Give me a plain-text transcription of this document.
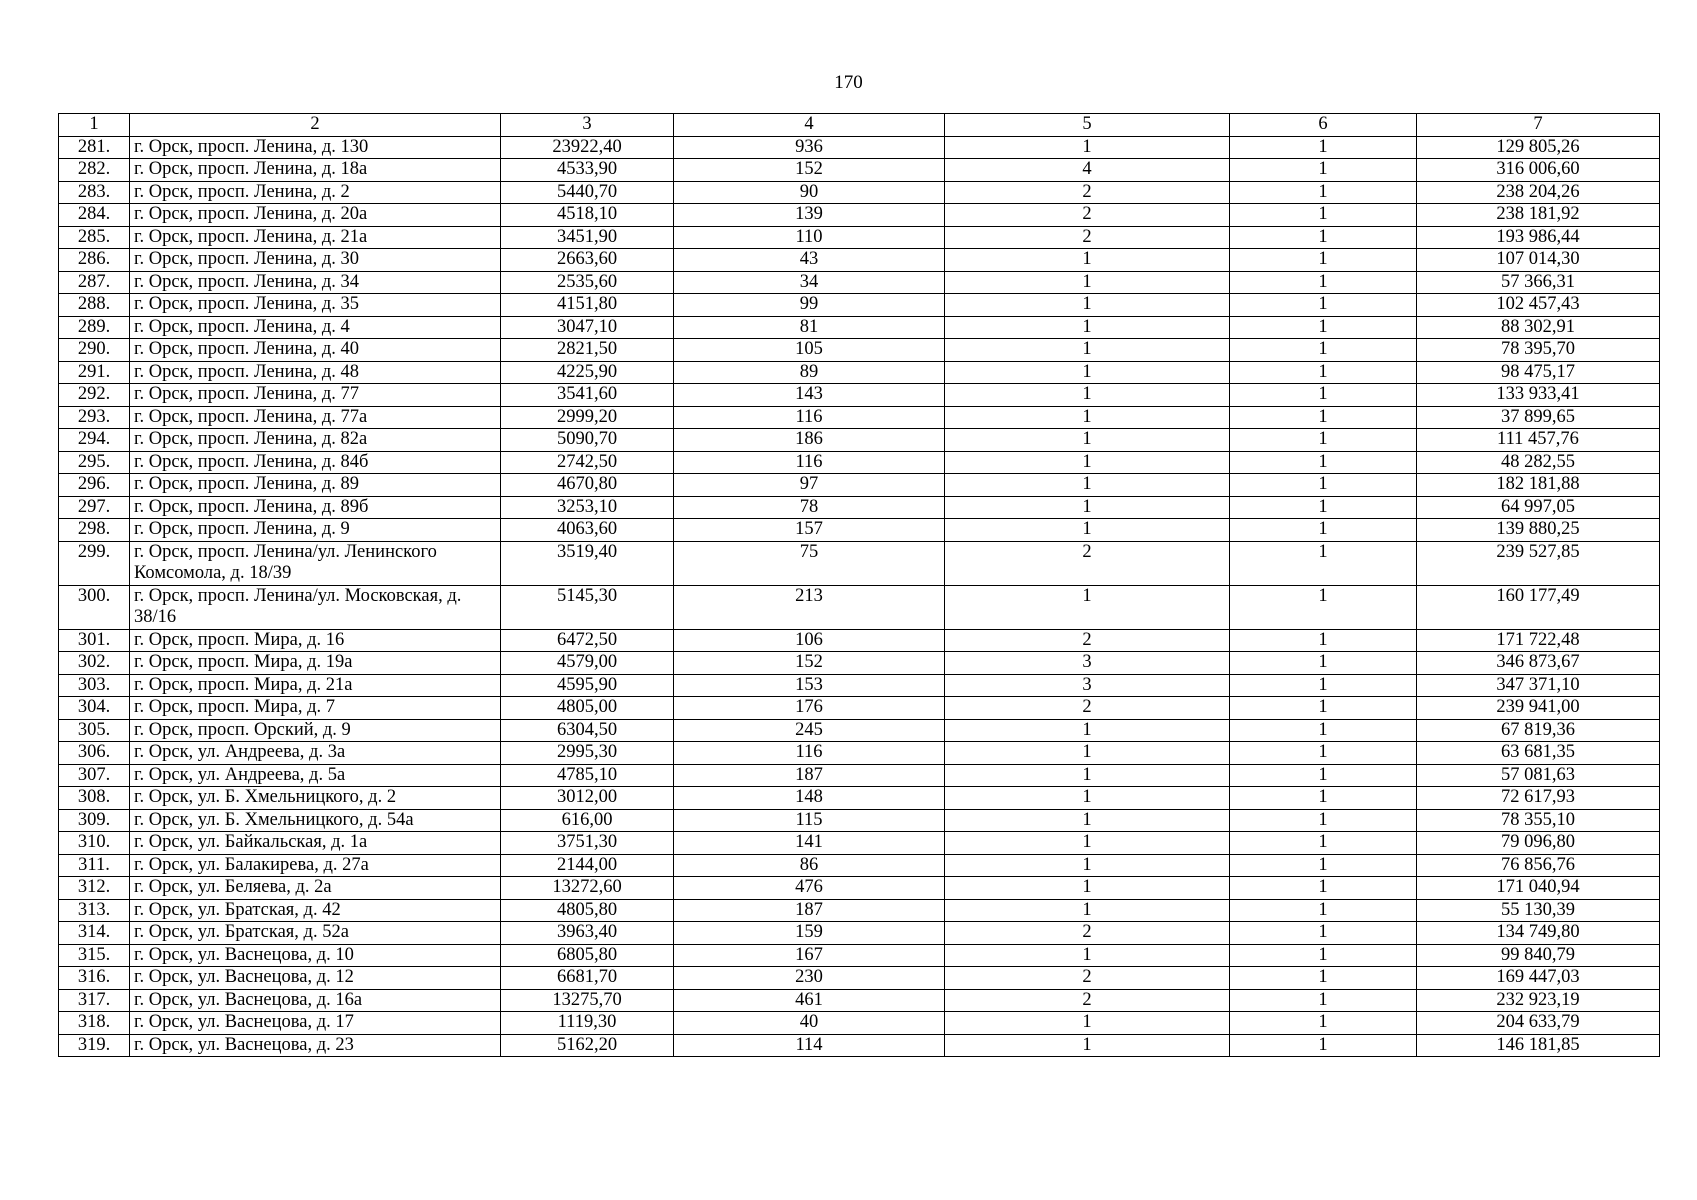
170
1	2	3	4	5	6	7
281.	г. Орск, просп. Ленина, д. 130	23922,40	936	1	1	129 805,26
282.	г. Орск, просп. Ленина, д. 18а	4533,90	152	4	1	316 006,60
283.	г. Орск, просп. Ленина, д. 2	5440,70	90	2	1	238 204,26
284.	г. Орск, просп. Ленина, д. 20а	4518,10	139	2	1	238 181,92
285.	г. Орск, просп. Ленина, д. 21а	3451,90	110	2	1	193 986,44
286.	г. Орск, просп. Ленина, д. 30	2663,60	43	1	1	107 014,30
287.	г. Орск, просп. Ленина, д. 34	2535,60	34	1	1	57 366,31
288.	г. Орск, просп. Ленина, д. 35	4151,80	99	1	1	102 457,43
289.	г. Орск, просп. Ленина, д. 4	3047,10	81	1	1	88 302,91
290.	г. Орск, просп. Ленина, д. 40	2821,50	105	1	1	78 395,70
291.	г. Орск, просп. Ленина, д. 48	4225,90	89	1	1	98 475,17
292.	г. Орск, просп. Ленина, д. 77	3541,60	143	1	1	133 933,41
293.	г. Орск, просп. Ленина, д. 77а	2999,20	116	1	1	37 899,65
294.	г. Орск, просп. Ленина, д. 82а	5090,70	186	1	1	111 457,76
295.	г. Орск, просп. Ленина, д. 84б	2742,50	116	1	1	48 282,55
296.	г. Орск, просп. Ленина, д. 89	4670,80	97	1	1	182 181,88
297.	г. Орск, просп. Ленина, д. 89б	3253,10	78	1	1	64 997,05
298.	г. Орск, просп. Ленина, д. 9	4063,60	157	1	1	139 880,25
299.	г. Орск, просп. Ленина/ул. Ленинского Комсомола, д. 18/39	3519,40	75	2	1	239 527,85
300.	г. Орск, просп. Ленина/ул. Московская, д. 38/16	5145,30	213	1	1	160 177,49
301.	г. Орск, просп. Мира, д. 16	6472,50	106	2	1	171 722,48
302.	г. Орск, просп. Мира, д. 19а	4579,00	152	3	1	346 873,67
303.	г. Орск, просп. Мира, д. 21а	4595,90	153	3	1	347 371,10
304.	г. Орск, просп. Мира, д. 7	4805,00	176	2	1	239 941,00
305.	г. Орск, просп. Орский, д. 9	6304,50	245	1	1	67 819,36
306.	г. Орск, ул. Андреева, д. 3а	2995,30	116	1	1	63 681,35
307.	г. Орск, ул. Андреева, д. 5а	4785,10	187	1	1	57 081,63
308.	г. Орск, ул. Б. Хмельницкого, д. 2	3012,00	148	1	1	72 617,93
309.	г. Орск, ул. Б. Хмельницкого, д. 54а	616,00	115	1	1	78 355,10
310.	г. Орск, ул. Байкальская, д. 1а	3751,30	141	1	1	79 096,80
311.	г. Орск, ул. Балакирева, д. 27а	2144,00	86	1	1	76 856,76
312.	г. Орск, ул. Беляева, д. 2а	13272,60	476	1	1	171 040,94
313.	г. Орск, ул. Братская, д. 42	4805,80	187	1	1	55 130,39
314.	г. Орск, ул. Братская, д. 52а	3963,40	159	2	1	134 749,80
315.	г. Орск, ул. Васнецова, д. 10	6805,80	167	1	1	99 840,79
316.	г. Орск, ул. Васнецова, д. 12	6681,70	230	2	1	169 447,03
317.	г. Орск, ул. Васнецова, д. 16а	13275,70	461	2	1	232 923,19
318.	г. Орск, ул. Васнецова, д. 17	1119,30	40	1	1	204 633,79
319.	г. Орск, ул. Васнецова, д. 23	5162,20	114	1	1	146 181,85
